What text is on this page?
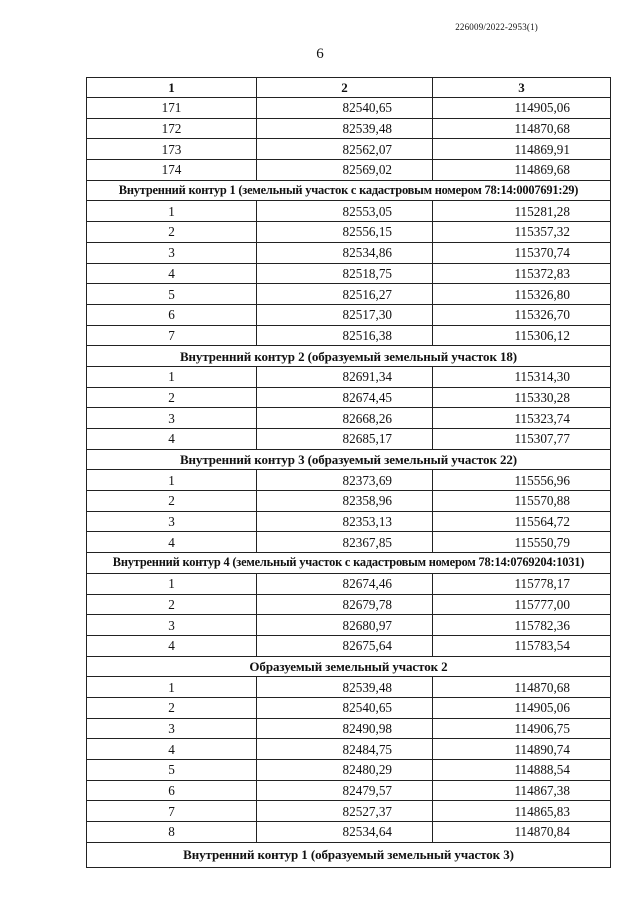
226009/2022-2953(1)
6
1	2	3
171	82540,65	114905,06
172	82539,48	114870,68
173	82562,07	114869,91
174	82569,02	114869,68
Внутренний контур 1 (земельный участок с кадастровым номером 78:14:0007691:29)		
1	82553,05	115281,28
2	82556,15	115357,32
3	82534,86	115370,74
4	82518,75	115372,83
5	82516,27	115326,80
6	82517,30	115326,70
7	82516,38	115306,12
Внутренний контур 2 (образуемый земельный участок 18)		
1	82691,34	115314,30
2	82674,45	115330,28
3	82668,26	115323,74
4	82685,17	115307,77
Внутренний контур 3 (образуемый земельный участок 22)		
1	82373,69	115556,96
2	82358,96	115570,88
3	82353,13	115564,72
4	82367,85	115550,79
Внутренний контур 4 (земельный участок с кадастровым номером 78:14:0769204:1031)		
1	82674,46	115778,17
2	82679,78	115777,00
3	82680,97	115782,36
4	82675,64	115783,54
Образуемый земельный участок 2		
1	82539,48	114870,68
2	82540,65	114905,06
3	82490,98	114906,75
4	82484,75	114890,74
5	82480,29	114888,54
6	82479,57	114867,38
7	82527,37	114865,83
8	82534,64	114870,84
Внутренний контур 1 (образуемый земельный участок 3)		
